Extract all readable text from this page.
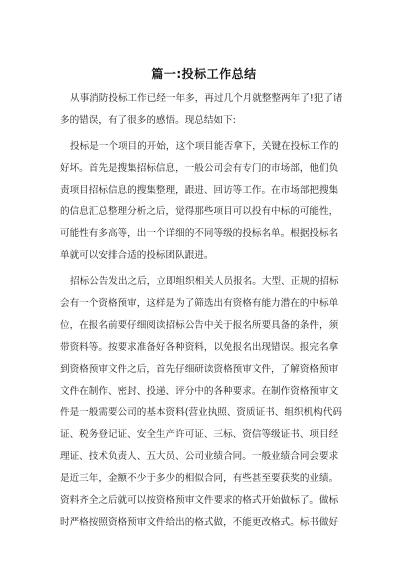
篇一:投标工作总结
从事消防投标工作已经一年多，再过几个月就整整两年了!犯了诸
多的错误，有了很多的感悟。现总结如下:
投标是一个项目的开始，这个项目能否拿下，关键在投标工作的
好坏。首先是搜集招标信息，一般公司会有专门的市场部，他们负
责项目招标信息的搜集整理，跟进、回访等工作。在市场部把搜集
的信息汇总整理分析之后，觉得那些项目可以投有中标的可能性，
可能性有多高等，出一个详细的不同等级的投标名单。根据投标名
单就可以安排合适的投标团队跟进。
招标公告发出之后，立即组织相关人员报名。大型、正规的招标
会有一个资格预审，这样是为了筛选出有资格有能力潜在的中标单
位，在报名前要仔细阅读招标公告中关于报名所要具备的条件，须
带资料等。按要求准备好各种资料，以免报名出现错误。报完名拿
到资格预审文件之后，首先仔细研读资格预审文件，了解资格预审
文件在制作、密封、投递、评分中的各种要求。在制作资格预审文
件是一般需要公司的基本资料(营业执照、资质证书、组织机构代码
证、税务登记证、安全生产许可证、三标、资信等级证书、项目经
理证、技术负责人、五大员、公司业绩合同。一般业绩合同会要求
是近三年，金额不少于多少的相似合同，有些甚至要获奖的业绩。
资料齐全之后就可以按资格预审文件要求的格式开始做标了。做标
时严格按照资格预审文件给出的格式做，不能更改格式。标书做好
